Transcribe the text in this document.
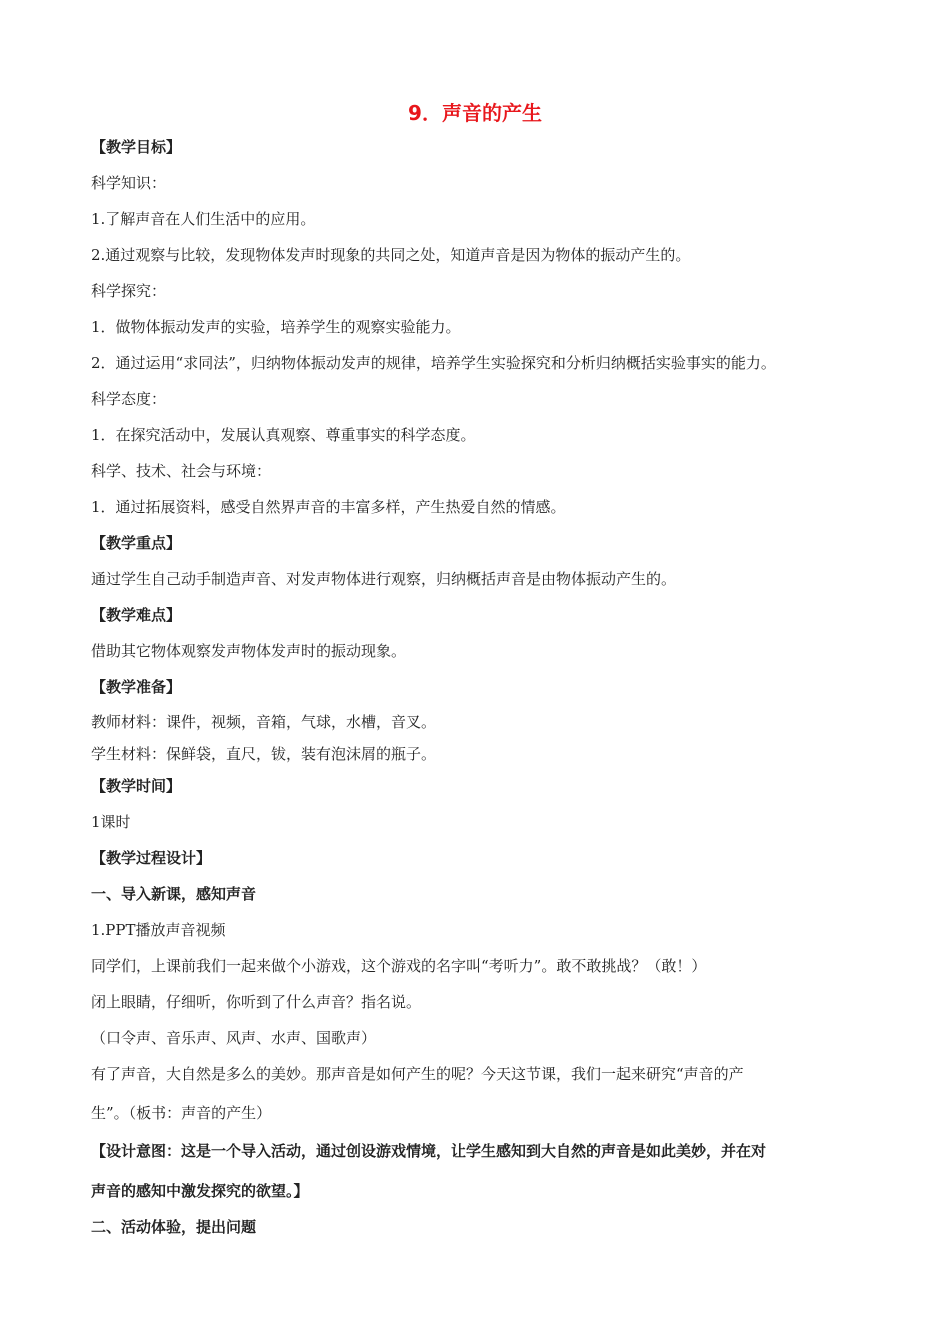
9．声音的产生
【教学目标】
科学知识：
1.了解声音在人们生活中的应用。
2.通过观察与比较，发现物体发声时现象的共同之处，知道声音是因为物体的振动产生的。
科学探究：
1．做物体振动发声的实验，培养学生的观察实验能力。
2．通过运用“求同法”，归纳物体振动发声的规律，培养学生实验探究和分析归纳概括实验事实的能力。
科学态度：
1．在探究活动中，发展认真观察、尊重事实的科学态度。
科学、技术、社会与环境：
1．通过拓展资料，感受自然界声音的丰富多样，产生热爱自然的情感。
【教学重点】
通过学生自己动手制造声音、对发声物体进行观察，归纳概括声音是由物体振动产生的。
【教学难点】
借助其它物体观察发声物体发声时的振动现象。
【教学准备】
教师材料：课件，视频，音箱，气球，水槽，音叉。
学生材料：保鲜袋，直尺，钹，装有泡沫屑的瓶子。
【教学时间】
1课时
【教学过程设计】
一、导入新课，感知声音
1.PPT播放声音视频
同学们，上课前我们一起来做个小游戏，这个游戏的名字叫“考听力”。敢不敢挑战？（敢！）
闭上眼睛，仔细听，你听到了什么声音？指名说。
（口令声、音乐声、风声、水声、国歌声）
有了声音，大自然是多么的美妙。那声音是如何产生的呢？今天这节课，我们一起来研究“声音的产
生”。（板书：声音的产生）
【设计意图：这是一个导入活动，通过创设游戏情境，让学生感知到大自然的声音是如此美妙，并在对
声音的感知中激发探究的欲望。】
二、活动体验，提出问题
